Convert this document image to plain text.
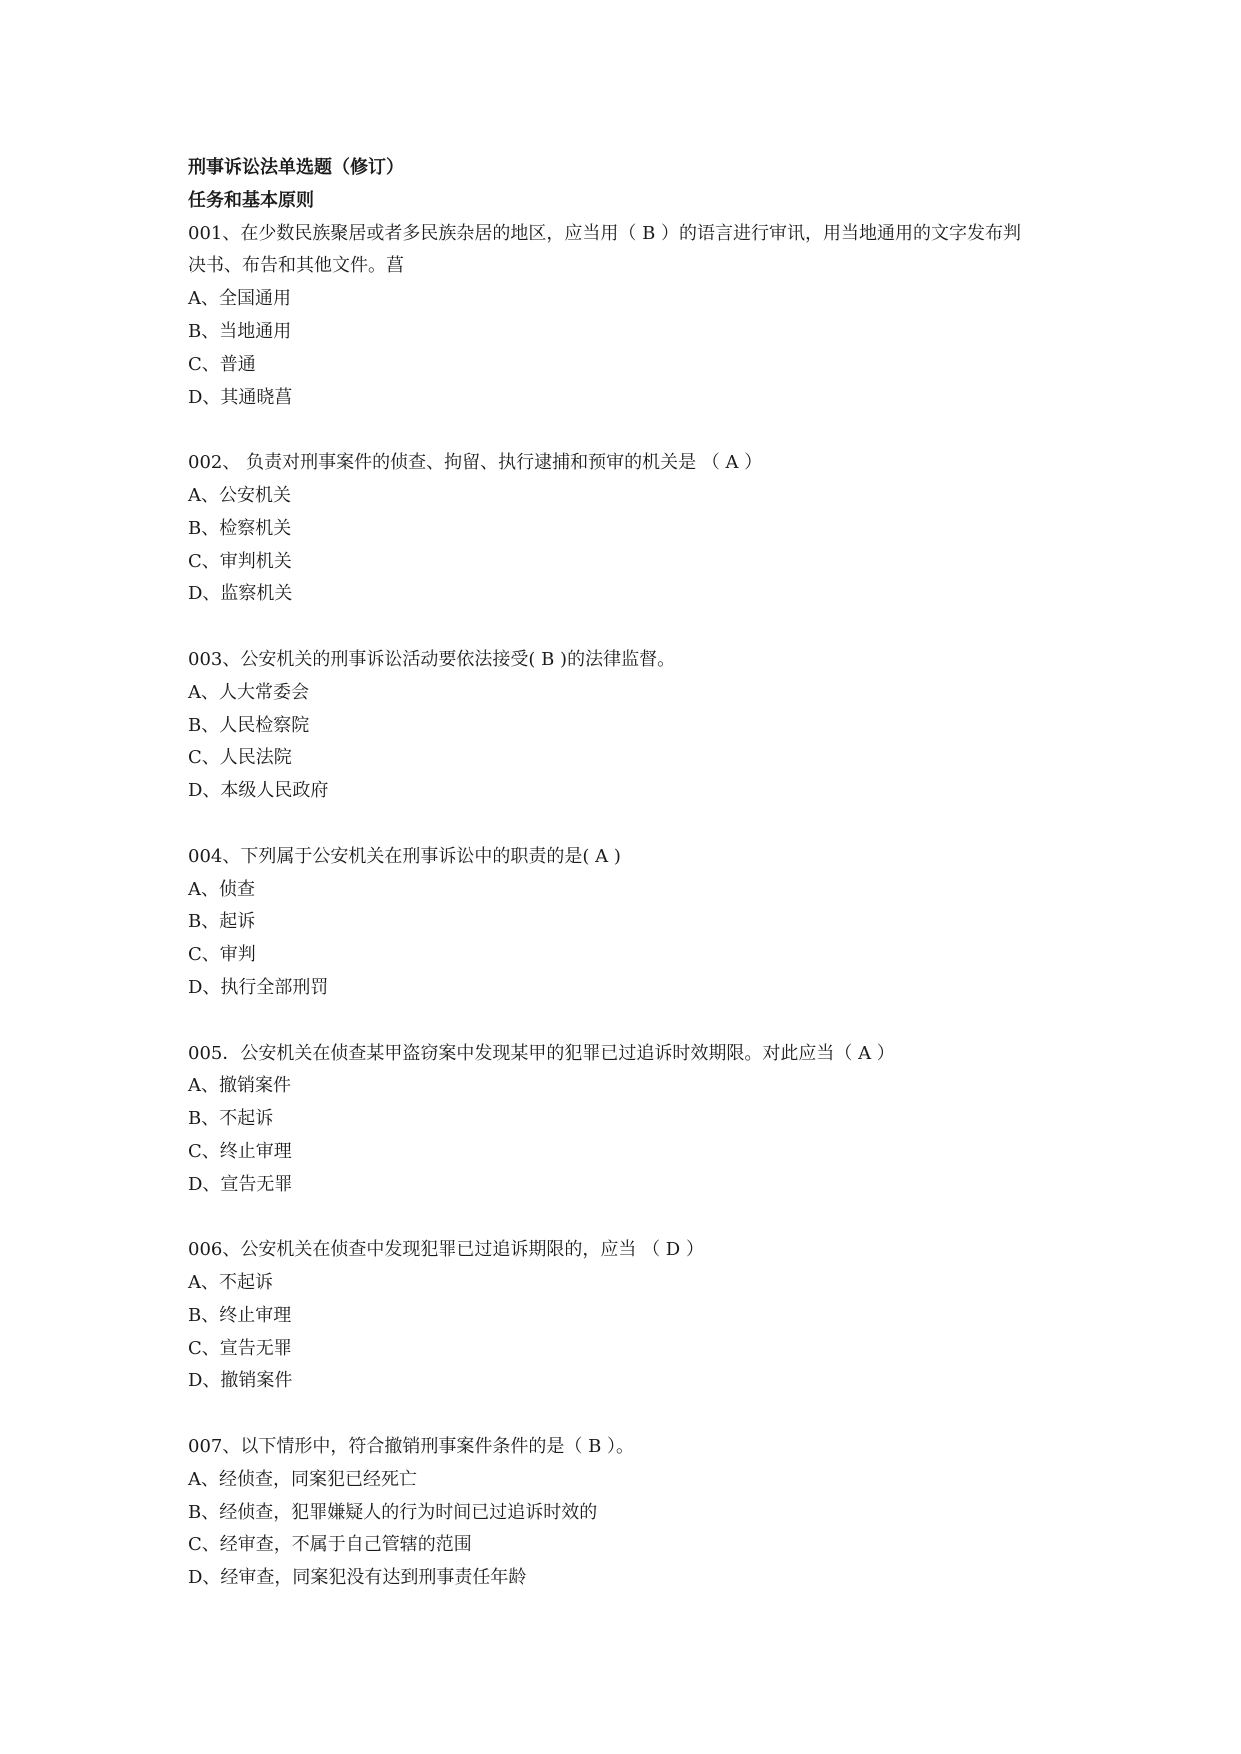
刑事诉讼法单选题（修订）
任务和基本原则
001、在少数民族聚居或者多民族杂居的地区，应当用（ B ）的语言进行审讯，用当地通用的文字发布判
决书、布告和其他文件。菖
A、全国通用
B、当地通用
C、普通
D、其通晓菖
002、 负责对刑事案件的侦查、拘留、执行逮捕和预审的机关是 （ A ）
A、公安机关
B、检察机关
C、审判机关
D、监察机关
003、公安机关的刑事诉讼活动要依法接受( B )的法律监督。
A、人大常委会
B、人民检察院
C、人民法院
D、本级人民政府
004、下列属于公安机关在刑事诉讼中的职责的是( A )
A、侦查
B、起诉
C、审判
D、执行全部刑罚
005．公安机关在侦查某甲盗窃案中发现某甲的犯罪已过追诉时效期限。对此应当（ A ）
A、撤销案件
B、不起诉
C、终止审理
D、宣告无罪
006、公安机关在侦查中发现犯罪已过追诉期限的，应当 （ D ）
A、不起诉
B、终止审理
C、宣告无罪
D、撤销案件
007、以下情形中，符合撤销刑事案件条件的是（ B ）。
A、经侦查，同案犯已经死亡
B、经侦查，犯罪嫌疑人的行为时间已过追诉时效的
C、经审查，不属于自己管辖的范围
D、经审查，同案犯没有达到刑事责任年龄
